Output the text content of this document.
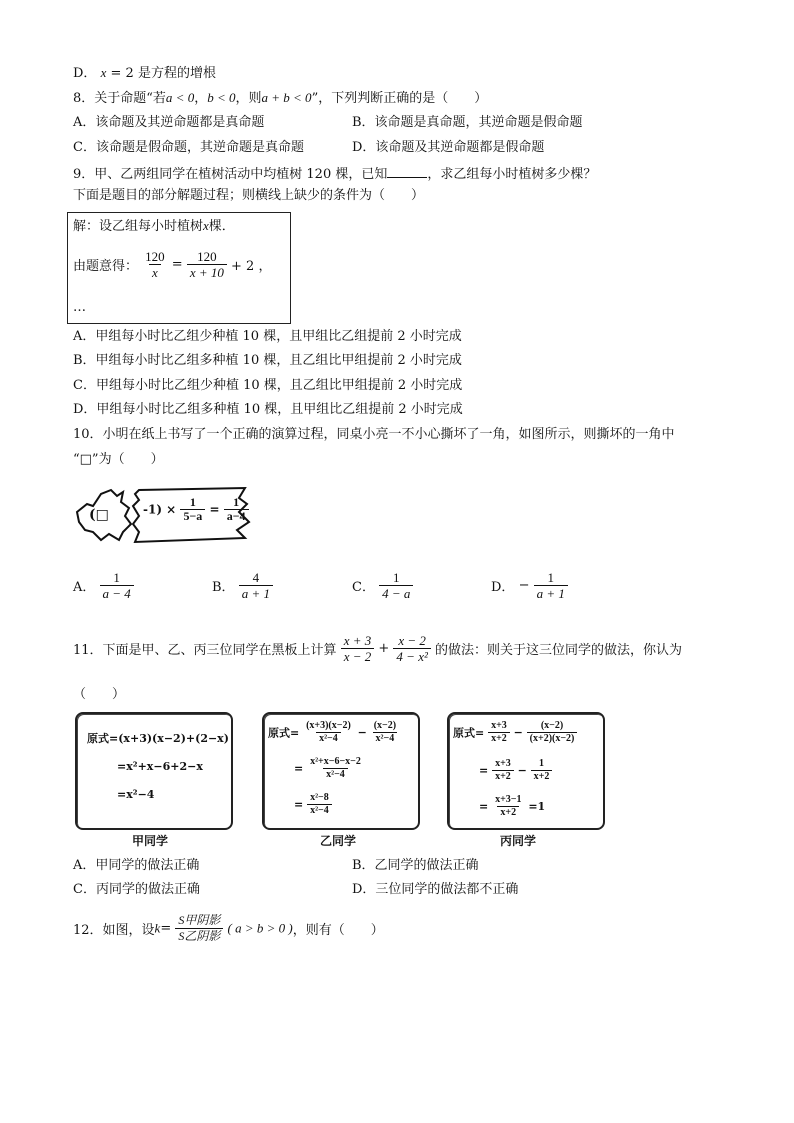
D． x = 2 是方程的增根
8．关于命题“若a < 0，b < 0，则a + b < 0”，下列判断正确的是（　　）
A．该命题及其逆命题都是真命题	B．该命题是真命题，其逆命题是假命题
C．该命题是假命题，其逆命题是真命题	D．该命题及其逆命题都是假命题
9．甲、乙两组同学在植树活动中均植树 120 棵，已知	，求乙组每小时植树多少棵？
下面是题目的部分解题过程；则横线上缺少的条件为（　　）
解：设乙组每小时植树x棵．
由题意得： $\frac{120}{x} = \frac{120}{x + 10} + 2$ ，
…
A．甲组每小时比乙组少种植 10 棵，且甲组比乙组提前 2 小时完成
B．甲组每小时比乙组多种植 10 棵，且乙组比甲组提前 2 小时完成
C．甲组每小时比乙组少种植 10 棵，且乙组比甲组提前 2 小时完成
D．甲组每小时比乙组多种植 10 棵，且甲组比乙组提前 2 小时完成
10．小明在纸上书写了一个正确的演算过程，同桌小亮一不小心撕坏了一角，如图所示，则撕坏的一角中
“□”为（　　）
(□	$-1) \times \frac{1}{5-a} = \frac{1}{a-4}$
A． $\frac{1}{a - 4}$	B． $\frac{4}{a + 1}$	C． $\frac{1}{4 - a}$	D． − $\frac{1}{a + 1}$
11．下面是甲、乙、丙三位同学在黑板上计算 $\frac{x + 3}{x - 2} + \frac{x - 2}{\text{4 − x²}}$ 的做法：则关于这三位同学的做法，你认为
（　　）
原式=(x+3)(x−2)+(2−x)
=x²+x−6+2−x
=x²−4
甲同学
原式= $\frac{(x+3)(x-2)}{\text{x²−4}} - \frac{(x-2)}{\text{x²−4}}$
= $\frac{\text{x²+x−6−x−2}}{\text{x²−4}}$
= $\frac{\text{x²−8}}{\text{x²−4}}$
乙同学
原式= $\frac{x+3}{x+2} - \frac{(x-2)}{(x+2)(x-2)}$
= $\frac{x+3}{x+2} - \frac{1}{x+2}$
= $\frac{x+3-1}{x+2} =1$
丙同学
A．甲同学的做法正确	B．乙同学的做法正确
C．丙同学的做法正确	D．三位同学的做法都不正确
12．如图，设$k= \frac{\text{S甲阴影}}{\text{S乙阴影}}$ ( a > b > 0 )，则有（　　）
